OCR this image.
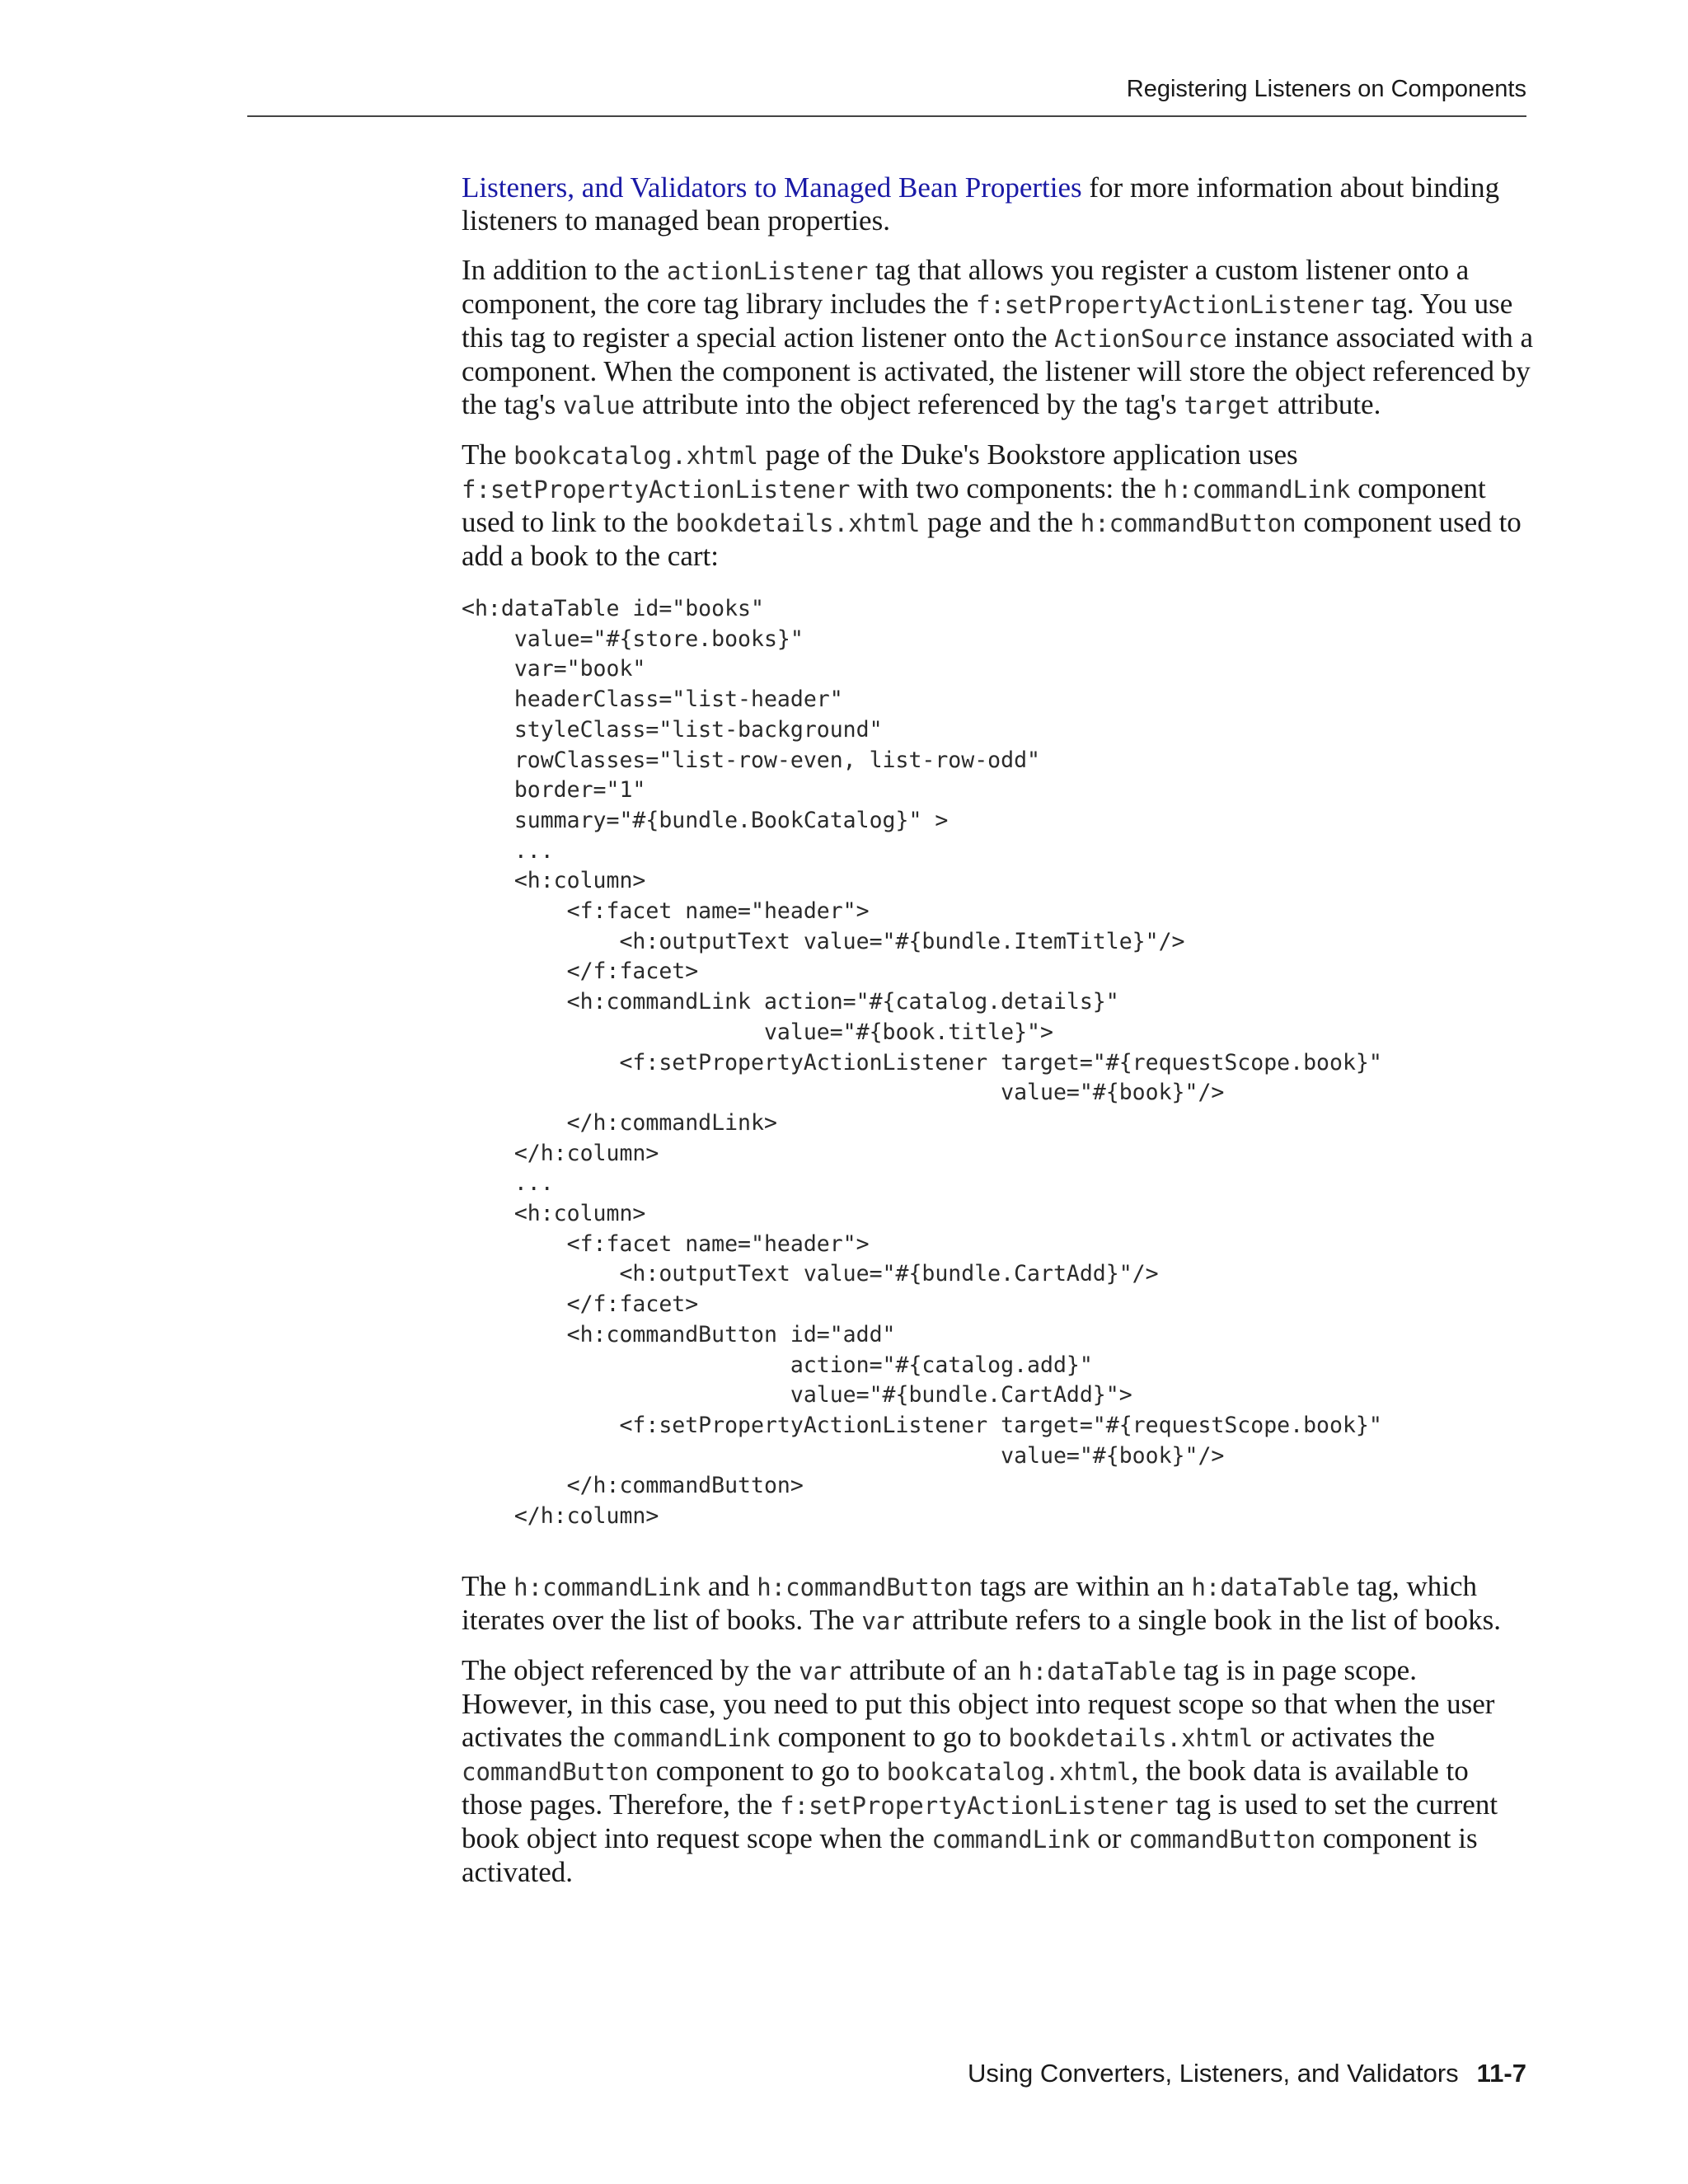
Registering Listeners on Components

Listeners, and Validators to Managed Bean Properties for more information about binding listeners to managed bean properties.

In addition to the actionListener tag that allows you register a custom listener onto a component, the core tag library includes the f:setPropertyActionListener tag. You use this tag to register a special action listener onto the ActionSource instance associated with a component. When the component is activated, the listener will store the object referenced by the tag's value attribute into the object referenced by the tag's target attribute.

The bookcatalog.xhtml page of the Duke's Bookstore application uses f:setPropertyActionListener with two components: the h:commandLink component used to link to the bookdetails.xhtml page and the h:commandButton component used to add a book to the cart:

<h:dataTable id="books"
value="#{store.books}"
var="book"
headerClass="list-header"
styleClass="list-background"
rowClasses="list-row-even, list-row-odd"
border="1"
summary="#{bundle.BookCatalog}" >
...
<h:column>
<f:facet name="header">
<h:outputText value="#{bundle.ItemTitle}"/>
</f:facet>
<h:commandLink action="#{catalog.details}"
value="#{book.title}">
<f:setPropertyActionListener target="#{requestScope.book}"
value="#{book}"/>
</h:commandLink>
</h:column>
...
<h:column>
<f:facet name="header">
<h:outputText value="#{bundle.CartAdd}"/>
</f:facet>
<h:commandButton id="add"
action="#{catalog.add}"
value="#{bundle.CartAdd}">
<f:setPropertyActionListener target="#{requestScope.book}"
value="#{book}"/>
</h:commandButton>
</h:column>

The h:commandLink and h:commandButton tags are within an h:dataTable tag, which iterates over the list of books. The var attribute refers to a single book in the list of books.

The object referenced by the var attribute of an h:dataTable tag is in page scope. However, in this case, you need to put this object into request scope so that when the user activates the commandLink component to go to bookdetails.xhtml or activates the commandButton component to go to bookcatalog.xhtml, the book data is available to those pages. Therefore, the f:setPropertyActionListener tag is used to set the current book object into request scope when the commandLink or commandButton component is activated.

Using Converters, Listeners, and Validators 11-7
